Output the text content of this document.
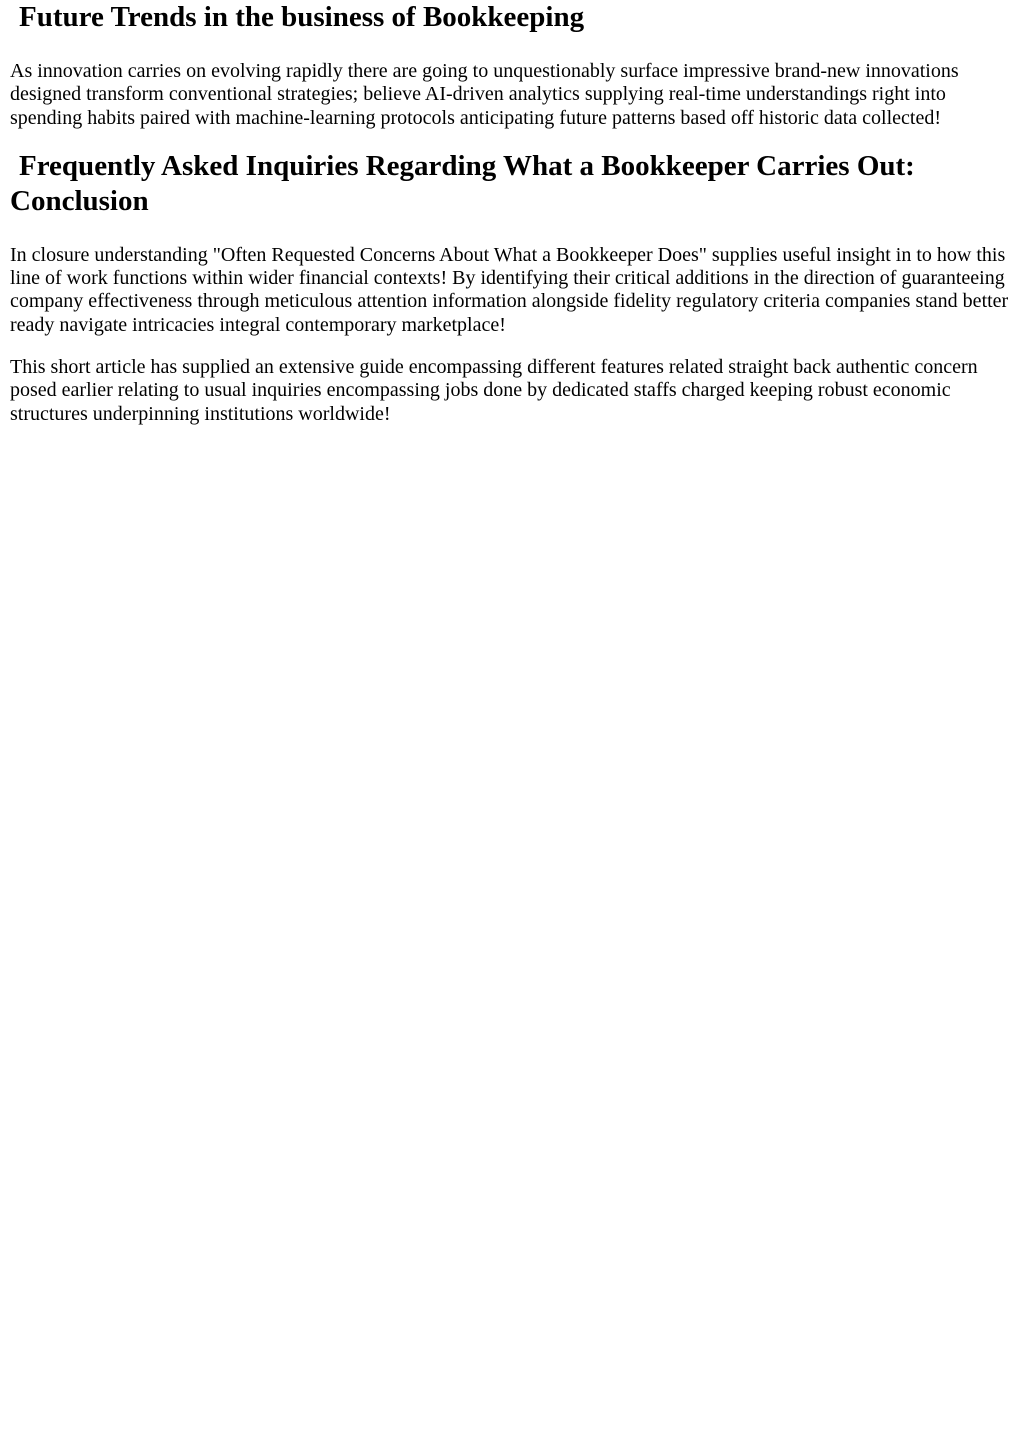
Future Trends in the business of Bookkeeping

As innovation carries on evolving rapidly there are going to unquestionably surface impressive brand-new innovations designed transform conventional strategies; believe AI-driven analytics supplying real-time understandings right into spending habits paired with machine-learning protocols anticipating future patterns based off historic data collected!

Frequently Asked Inquiries Regarding What a Bookkeeper Carries Out: Conclusion

In closure understanding "Often Requested Concerns About What a Bookkeeper Does" supplies useful insight in to how this line of work functions within wider financial contexts! By identifying their critical additions in the direction of guaranteeing company effectiveness through meticulous attention information alongside fidelity regulatory criteria companies stand better ready navigate intricacies integral contemporary marketplace!

This short article has supplied an extensive guide encompassing different features related straight back authentic concern posed earlier relating to usual inquiries encompassing jobs done by dedicated staffs charged keeping robust economic structures underpinning institutions worldwide!
